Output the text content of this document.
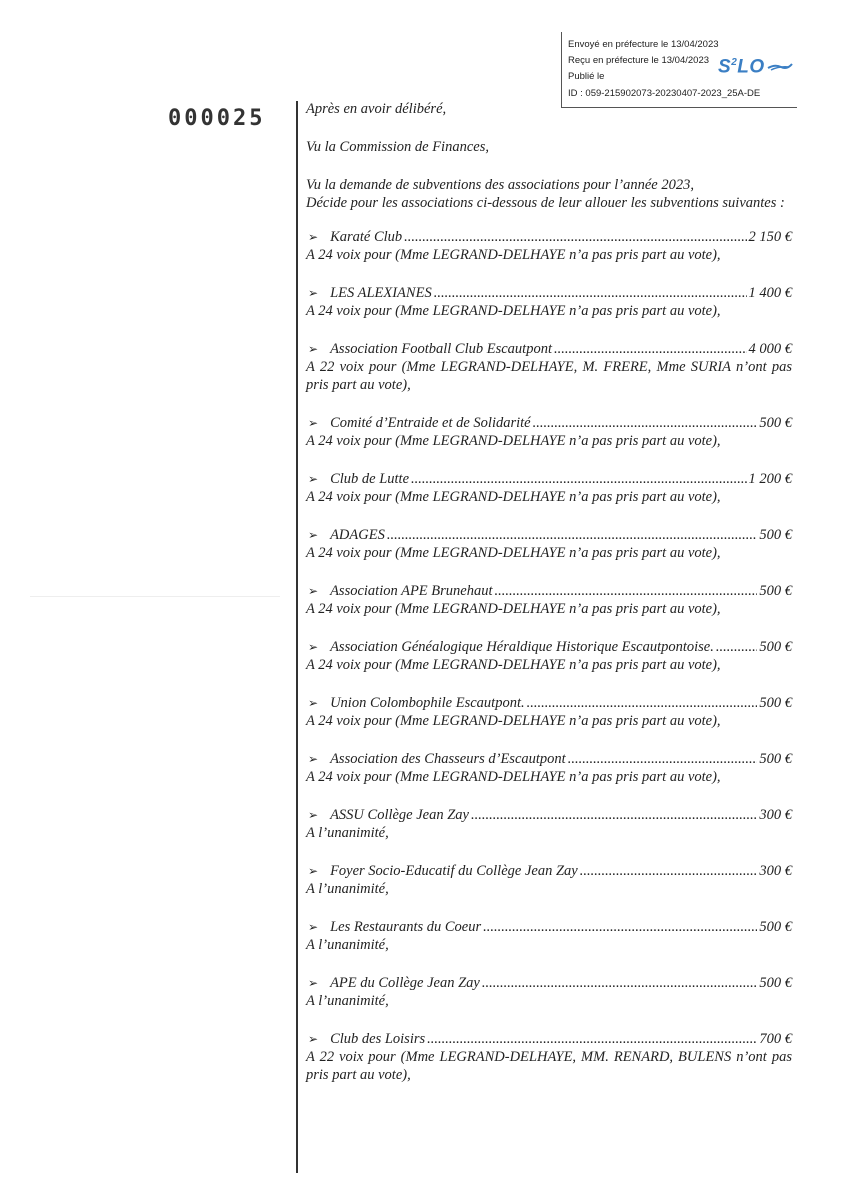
Envoyé en préfecture le 13/04/2023
Reçu en préfecture le 13/04/2023
Publié le
ID : 059-215902073-20230407-2023_25A-DE
$S^2LO$
000025	Après en avoir délibéré,

Vu la Commission de Finances,

Vu la demande de subventions des associations pour l’année 2023,

Décide pour les associations ci-dessous de leur allouer les subventions suivantes :

➢ Karaté Club .....	2 150 €
A 24 voix pour (Mme LEGRAND-DELHAYE n’a pas pris part au vote),
➢ LES ALEXIANES .....	1 400 €
A 24 voix pour (Mme LEGRAND-DELHAYE n’a pas pris part au vote),
➢ Association Football Club Escautpont .....	4 000 €
A 22 voix pour (Mme LEGRAND-DELHAYE, M. FRERE, Mme SURIA n’ont pas pris part au vote),
➢ Comité d’Entraide et de Solidarité .....	500 €
A 24 voix pour (Mme LEGRAND-DELHAYE n’a pas pris part au vote),
➢ Club de Lutte .....	1 200 €
A 24 voix pour (Mme LEGRAND-DELHAYE n’a pas pris part au vote),
➢ ADAGES .....	500 €
A 24 voix pour (Mme LEGRAND-DELHAYE n’a pas pris part au vote),
➢ Association APE Brunehaut .....	500 €
A 24 voix pour (Mme LEGRAND-DELHAYE n’a pas pris part au vote),
➢ Association Généalogique Héraldique Historique Escautpontoise. .....	500 €
A 24 voix pour (Mme LEGRAND-DELHAYE n’a pas pris part au vote),
➢ Union Colombophile Escautpont. .....	500 €
A 24 voix pour (Mme LEGRAND-DELHAYE n’a pas pris part au vote),
➢ Association des Chasseurs d’Escautpont .....	500 €
A 24 voix pour (Mme LEGRAND-DELHAYE n’a pas pris part au vote),
➢ ASSU Collège Jean Zay .....	300 €
A l’unanimité,
➢ Foyer Socio-Educatif du Collège Jean Zay .....	300 €
A l’unanimité,
➢ Les Restaurants du Coeur .....	500 €
A l’unanimité,
➢ APE du Collège Jean Zay .....	500 €
A l’unanimité,
➢ Club des Loisirs .....	700 €
A 22 voix pour (Mme LEGRAND-DELHAYE, MM. RENARD, BULENS n’ont pas pris part au vote),
